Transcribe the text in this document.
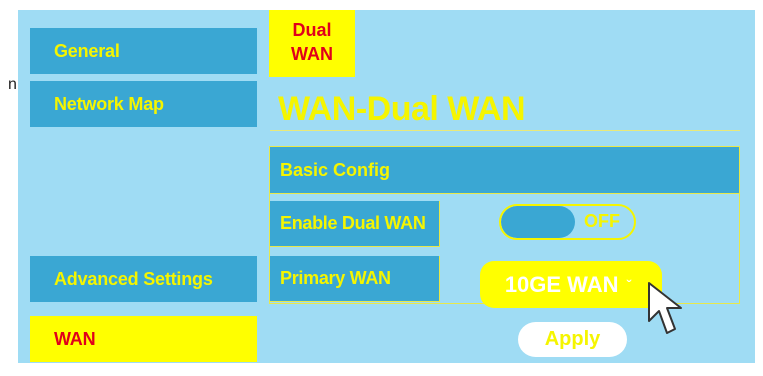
n
General
Network Map
Advanced Settings
WAN
Dual WAN
WAN-Dual WAN
Basic Config
Enable Dual WAN	OFF
Primary WAN	10GE WAN ˇ
Apply
